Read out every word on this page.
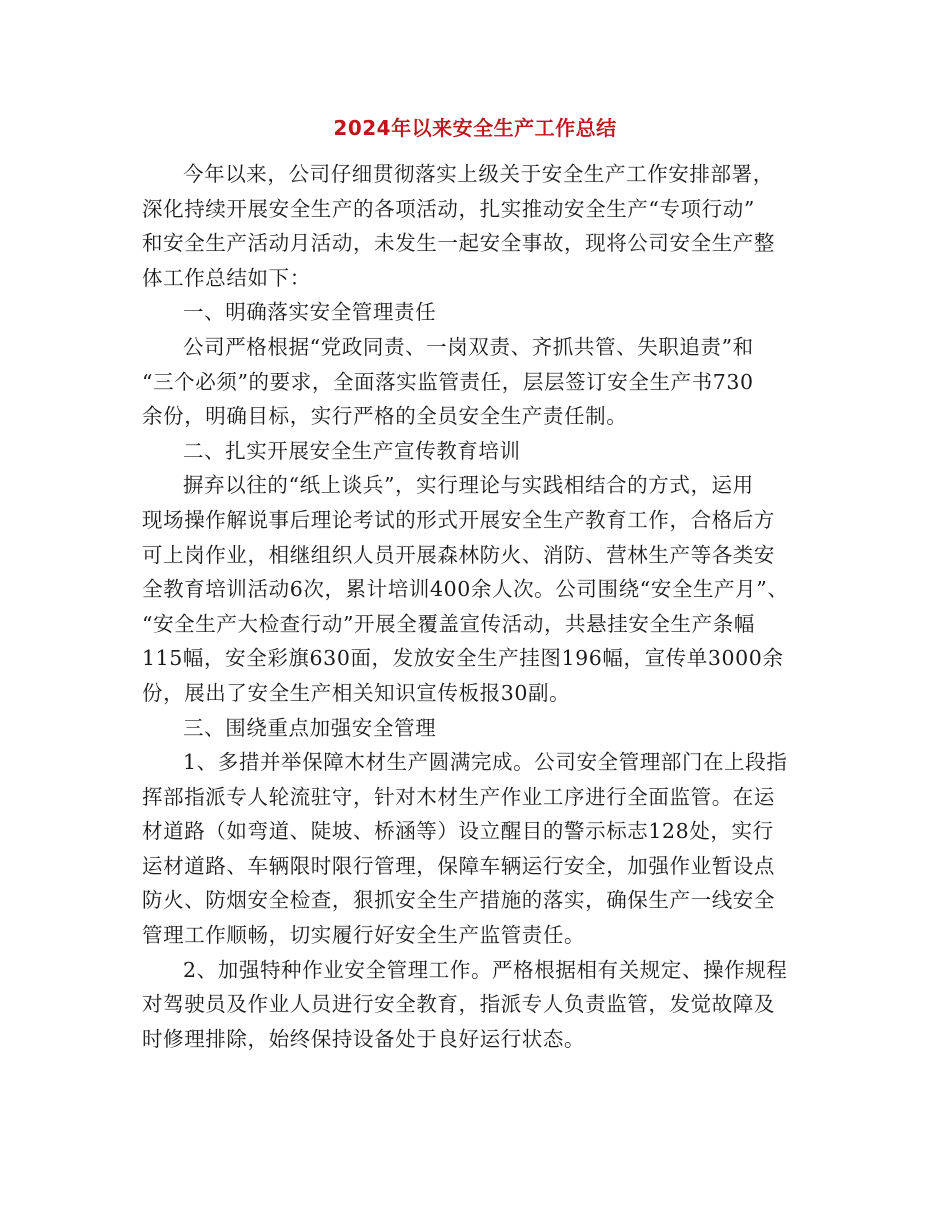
2024年以来安全生产工作总结
今年以来，公司仔细贯彻落实上级关于安全生产工作安排部署，
深化持续开展安全生产的各项活动，扎实推动安全生产“专项行动”
和安全生产活动月活动，未发生一起安全事故，现将公司安全生产整
体工作总结如下：
一、明确落实安全管理责任
公司严格根据“党政同责、一岗双责、齐抓共管、失职追责”和
“三个必须”的要求，全面落实监管责任，层层签订安全生产书730
余份，明确目标，实行严格的全员安全生产责任制。
二、扎实开展安全生产宣传教育培训
摒弃以往的“纸上谈兵”，实行理论与实践相结合的方式，运用
现场操作解说事后理论考试的形式开展安全生产教育工作，合格后方
可上岗作业，相继组织人员开展森林防火、消防、营林生产等各类安
全教育培训活动6次，累计培训400余人次。公司围绕“安全生产月”、
“安全生产大检查行动”开展全覆盖宣传活动，共悬挂安全生产条幅
115幅，安全彩旗630面，发放安全生产挂图196幅，宣传单3000余
份，展出了安全生产相关知识宣传板报30副。
三、围绕重点加强安全管理
1、多措并举保障木材生产圆满完成。公司安全管理部门在上段指
挥部指派专人轮流驻守，针对木材生产作业工序进行全面监管。在运
材道路（如弯道、陡坡、桥涵等）设立醒目的警示标志128处，实行
运材道路、车辆限时限行管理，保障车辆运行安全，加强作业暂设点
防火、防烟安全检查，狠抓安全生产措施的落实，确保生产一线安全
管理工作顺畅，切实履行好安全生产监管责任。
2、加强特种作业安全管理工作。严格根据相有关规定、操作规程
对驾驶员及作业人员进行安全教育，指派专人负责监管，发觉故障及
时修理排除，始终保持设备处于良好运行状态。
